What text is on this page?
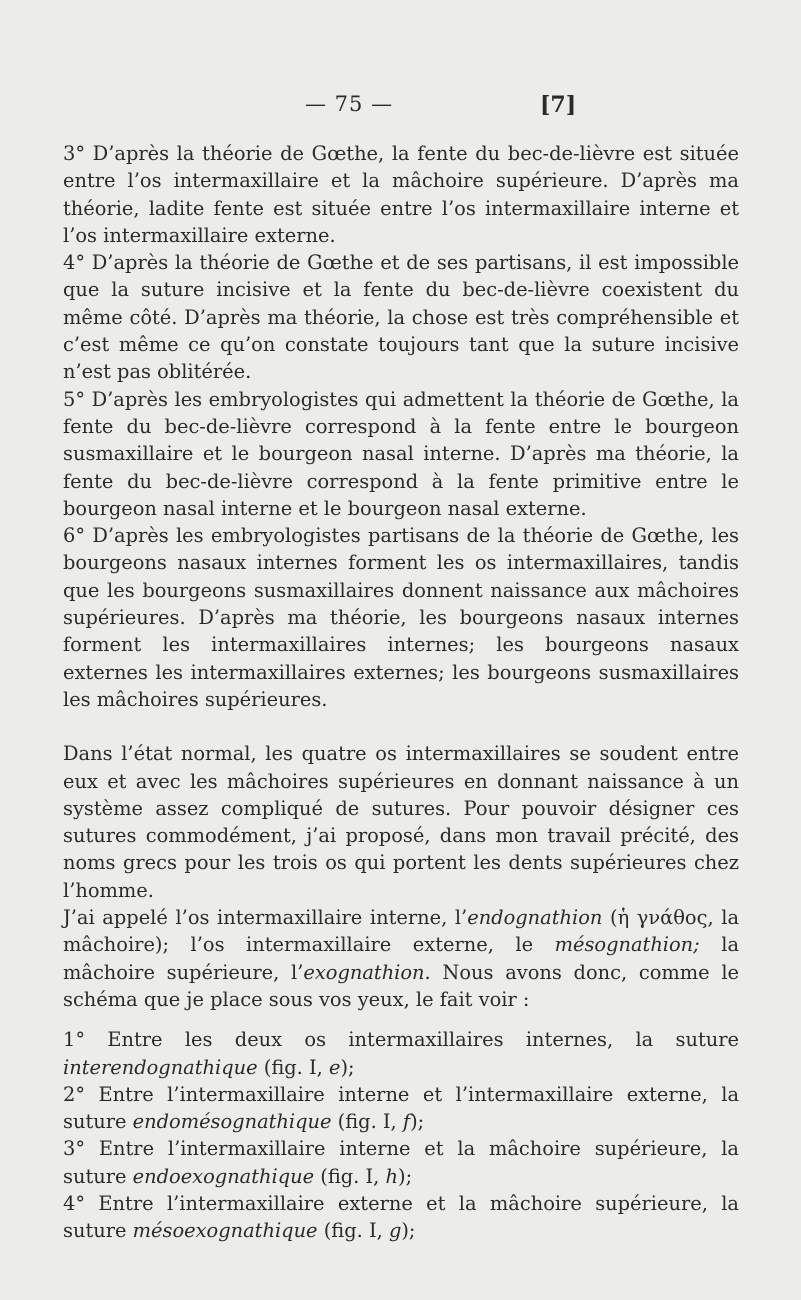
— 75 —	[7]

3° D’après la théorie de Gœthe, la fente du bec-de-lièvre est située entre l’os intermaxillaire et la mâchoire supérieure. D’après ma théorie, ladite fente est située entre l’os intermaxillaire interne et l’os intermaxillaire externe.

4° D’après la théorie de Gœthe et de ses partisans, il est impossible que la suture incisive et la fente du bec-de-lièvre coexistent du même côté. D’après ma théorie, la chose est très compréhensible et c’est même ce qu’on constate toujours tant que la suture incisive n’est pas oblitérée.

5° D’après les embryologistes qui admettent la théorie de Gœthe, la fente du bec-de-lièvre correspond à la fente entre le bourgeon susmaxillaire et le bourgeon nasal interne. D’après ma théorie, la fente du bec-de-lièvre correspond à la fente primitive entre le bourgeon nasal interne et le bourgeon nasal externe.

6° D’après les embryologistes partisans de la théorie de Gœthe, les bourgeons nasaux internes forment les os intermaxillaires, tandis que les bourgeons susmaxillaires donnent naissance aux mâchoires supérieures. D’après ma théorie, les bourgeons nasaux internes forment les intermaxillaires internes; les bourgeons nasaux externes les intermaxillaires externes; les bourgeons susmaxillaires les mâchoires supérieures.

Dans l’état normal, les quatre os intermaxillaires se soudent entre eux et avec les mâchoires supérieures en donnant naissance à un système assez compliqué de sutures. Pour pouvoir désigner ces sutures commodément, j’ai proposé, dans mon travail précité, des noms grecs pour les trois os qui portent les dents supérieures chez l’homme.

J’ai appelé l’os intermaxillaire interne, l’endognathion (ἡ γνάθος, la mâchoire); l’os intermaxillaire externe, le mésognathion; la mâchoire supérieure, l’exognathion. Nous avons donc, comme le schéma que je place sous vos yeux, le fait voir :

1° Entre les deux os intermaxillaires internes, la suture interendognathique (fig. I, e);

2° Entre l’intermaxillaire interne et l’intermaxillaire externe, la suture endomésognathique (fig. I, f);

3° Entre l’intermaxillaire interne et la mâchoire supérieure, la suture endoexognathique (fig. I, h);

4° Entre l’intermaxillaire externe et la mâchoire supérieure, la suture mésoexognathique (fig. I, g);
